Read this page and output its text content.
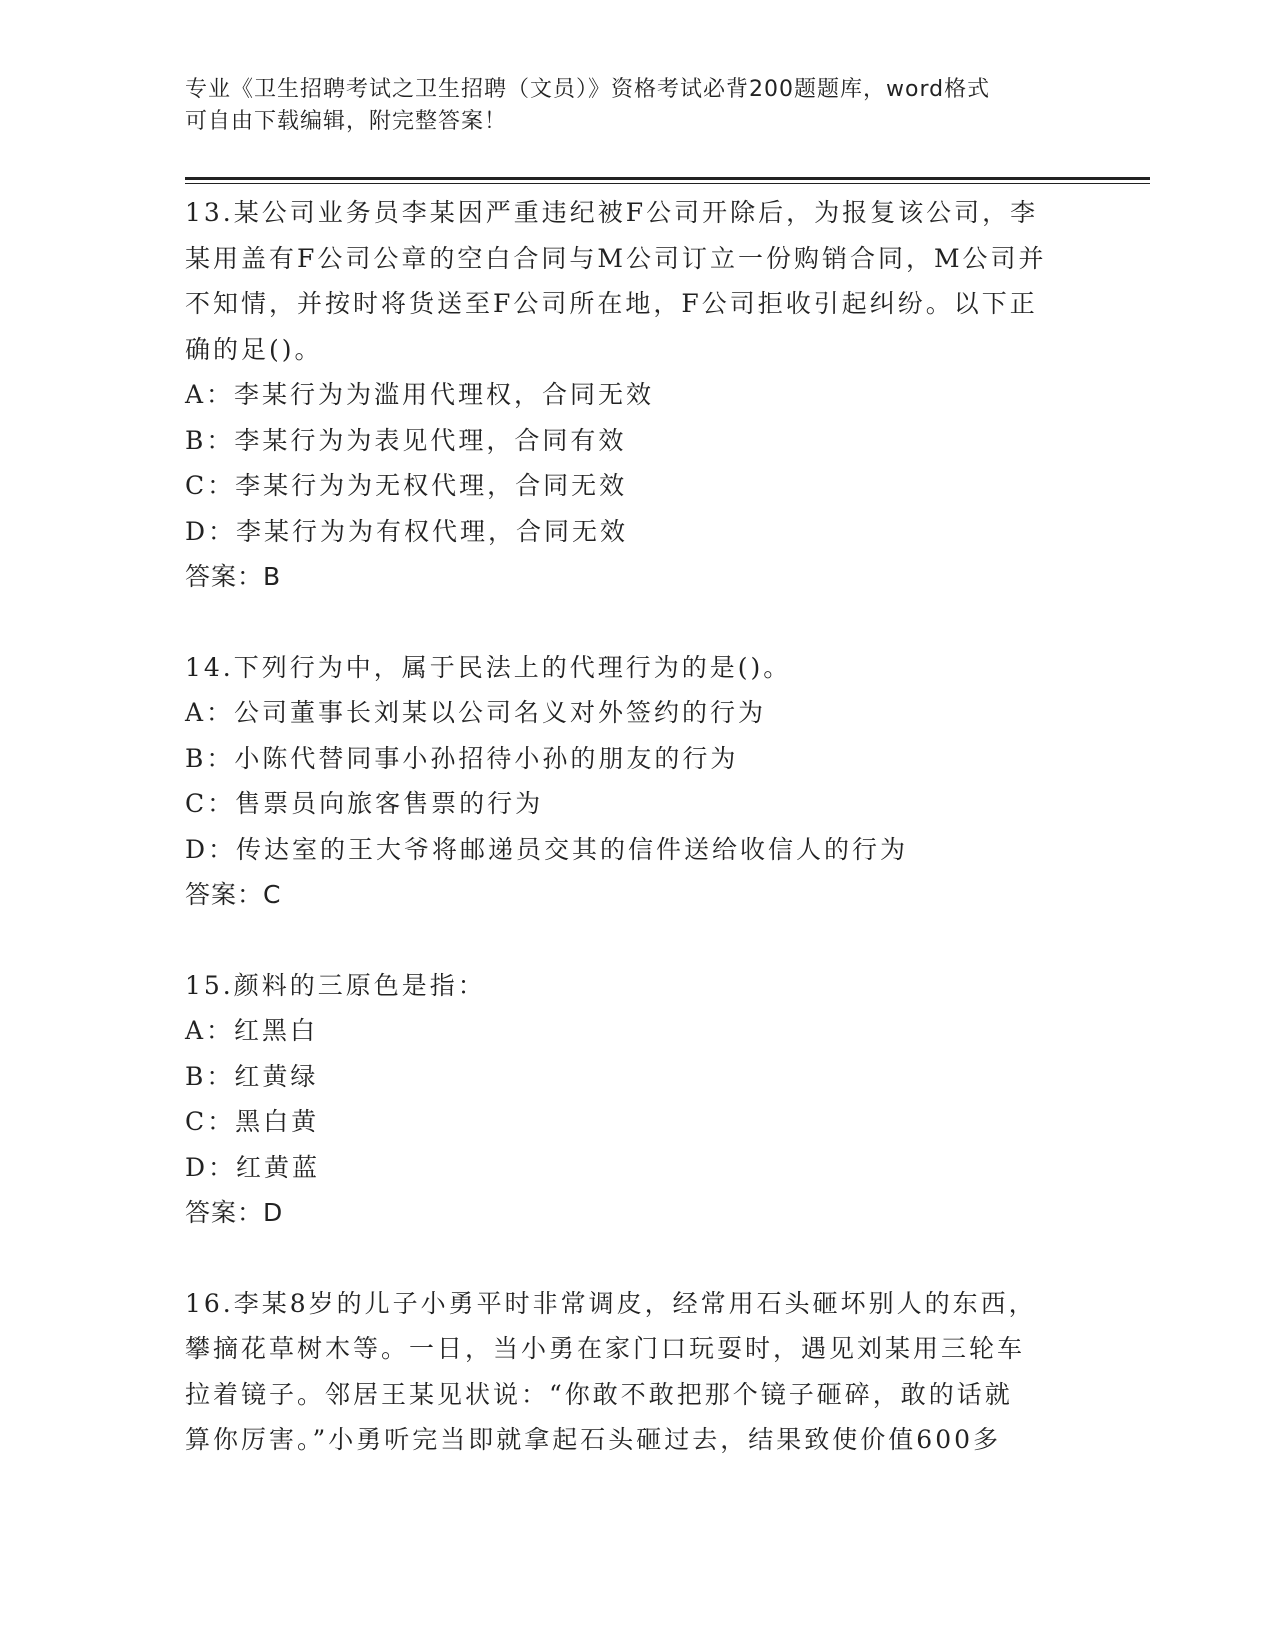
专业《卫生招聘考试之卫生招聘（文员）》资格考试必背200题题库，word格式
可自由下载编辑，附完整答案！
13.某公司业务员李某因严重违纪被F公司开除后，为报复该公司，李
某用盖有F公司公章的空白合同与M公司订立一份购销合同，M公司并
不知情，并按时将货送至F公司所在地，F公司拒收引起纠纷。以下正
确的足()。
A：李某行为为滥用代理权，合同无效
B：李某行为为表见代理，合同有效
C：李某行为为无权代理，合同无效
D：李某行为为有权代理，合同无效
答案：B
14.下列行为中，属于民法上的代理行为的是()。
A：公司董事长刘某以公司名义对外签约的行为
B：小陈代替同事小孙招待小孙的朋友的行为
C：售票员向旅客售票的行为
D：传达室的王大爷将邮递员交其的信件送给收信人的行为
答案：C
15.颜料的三原色是指：
A：红黑白
B：红黄绿
C：黑白黄
D：红黄蓝
答案：D
16.李某8岁的儿子小勇平时非常调皮，经常用石头砸坏别人的东西，
攀摘花草树木等。一日，当小勇在家门口玩耍时，遇见刘某用三轮车
拉着镜子。邻居王某见状说：“你敢不敢把那个镜子砸碎，敢的话就
算你厉害。”小勇听完当即就拿起石头砸过去，结果致使价值600多
